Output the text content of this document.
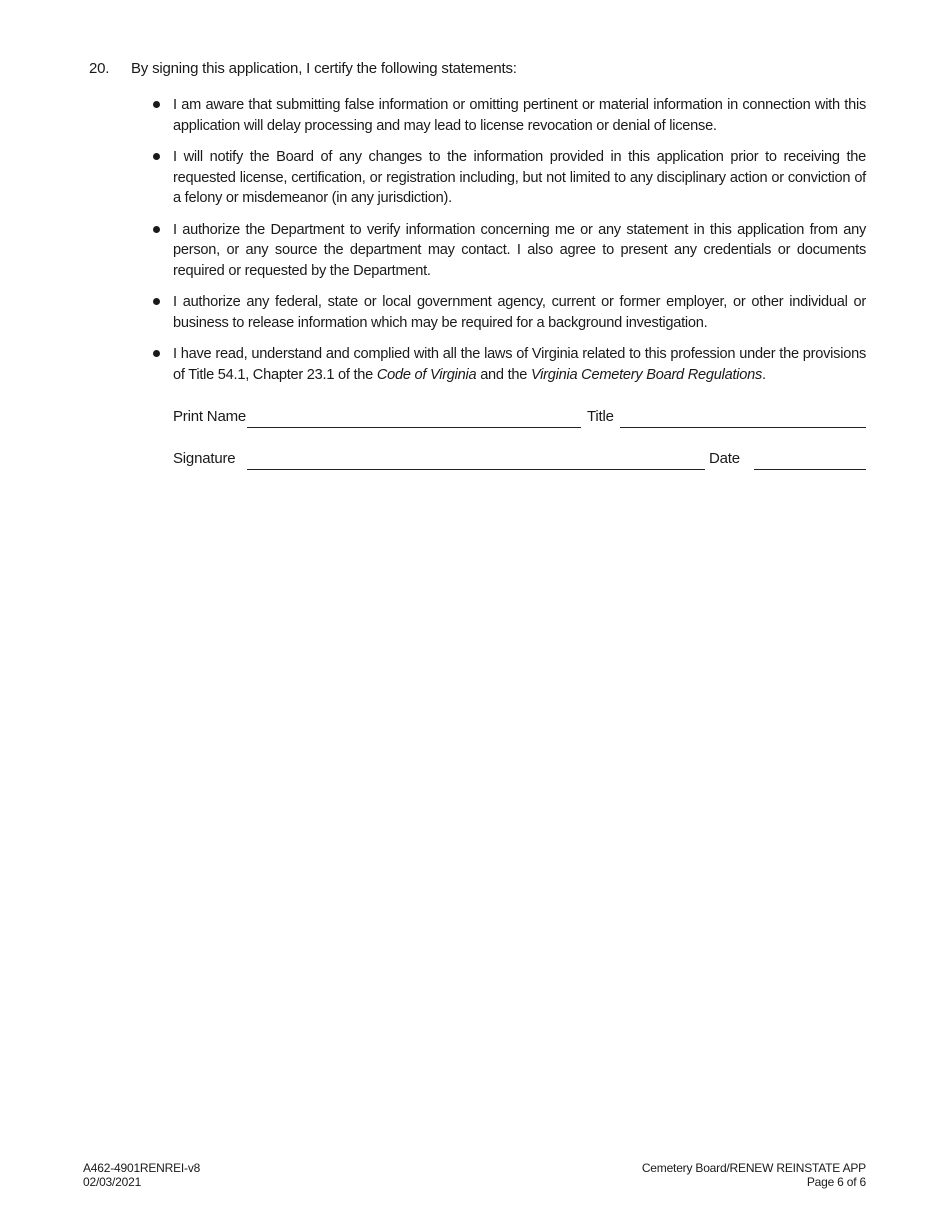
20. By signing this application, I certify the following statements:
I am aware that submitting false information or omitting pertinent or material information in connection with this application will delay processing and may lead to license revocation or denial of license.
I will notify the Board of any changes to the information provided in this application prior to receiving the requested license, certification, or registration including, but not limited to any disciplinary action or conviction of a felony or misdemeanor (in any jurisdiction).
I authorize the Department to verify information concerning me or any statement in this application from any person, or any source the department may contact. I also agree to present any credentials or documents required or requested by the Department.
I authorize any federal, state or local government agency, current or former employer, or other individual or business to release information which may be required for a background investigation.
I have read, understand and complied with all the laws of Virginia related to this profession under the provisions of Title 54.1, Chapter 23.1 of the Code of Virginia and the Virginia Cemetery Board Regulations.
Print Name	Title
Signature	Date
A462-4901RENREI-v8
02/03/2021
Cemetery Board/RENEW REINSTATE APP
Page 6 of 6
